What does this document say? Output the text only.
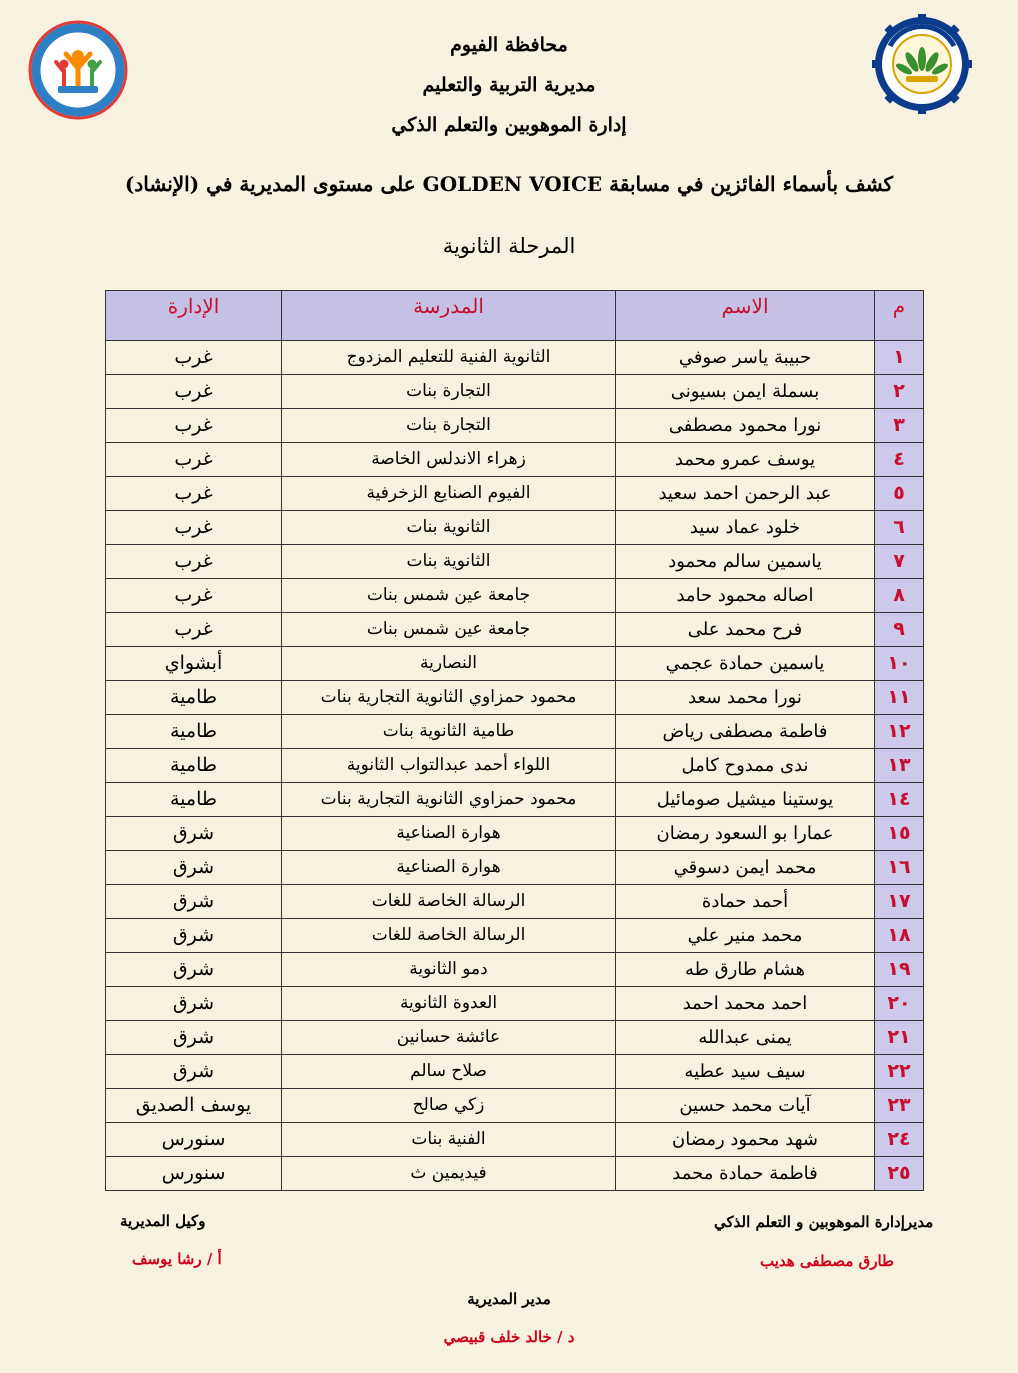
محافظة الفيوم
مديرية التربية والتعليم
إدارة الموهوبين والتعلم الذكي
كشف بأسماء الفائزين في مسابقة GOLDEN VOICE على مستوى المديرية في (الإنشاد)
المرحلة الثانوية
م	الاسم	المدرسة	الإدارة
١	حبيبة ياسر صوفي	الثانوية الفنية للتعليم المزدوج	غرب
٢	بسملة ايمن بسيونى	التجارة بنات	غرب
٣	نورا محمود مصطفى	التجارة بنات	غرب
٤	يوسف عمرو محمد	زهراء الاندلس الخاصة	غرب
٥	عبد الرحمن احمد سعيد	الفيوم الصنايع الزخرفية	غرب
٦	خلود عماد سيد	الثانوية بنات	غرب
٧	ياسمين سالم محمود	الثانوية بنات	غرب
٨	اصاله محمود حامد	جامعة عين شمس بنات	غرب
٩	فرح محمد على	جامعة عين شمس بنات	غرب
١٠	ياسمين حمادة عجمي	النصارية	أبشواي
١١	نورا محمد سعد	محمود حمزاوي الثانوية التجارية بنات	طامية
١٢	فاطمة مصطفى رياض	طامية الثانوية بنات	طامية
١٣	ندى ممدوح كامل	اللواء أحمد عبدالتواب الثانوية	طامية
١٤	يوستينا ميشيل صومائيل	محمود حمزاوي الثانوية التجارية بنات	طامية
١٥	عمارا بو السعود رمضان	هوارة الصناعية	شرق
١٦	محمد ايمن دسوقي	هوارة الصناعية	شرق
١٧	أحمد حمادة	الرسالة الخاصة للغات	شرق
١٨	محمد منير علي	الرسالة الخاصة للغات	شرق
١٩	هشام طارق طه	دمو الثانوية	شرق
٢٠	احمد محمد احمد	العدوة الثانوية	شرق
٢١	يمنى عبدالله	عائشة حسانين	شرق
٢٢	سيف سيد عطيه	صلاح سالم	شرق
٢٣	آيات محمد حسين	زكي صالح	يوسف الصديق
٢٤	شهد محمود رمضان	الفنية بنات	سنورس
٢٥	فاطمة حمادة محمد	فيديمين ث	سنورس
مديرإدارة الموهوبين و التعلم الذكي
طارق مصطفى هديب
وكيل المديرية
أ / رشا يوسف
مدير المديرية
د / خالد خلف قبيصي
